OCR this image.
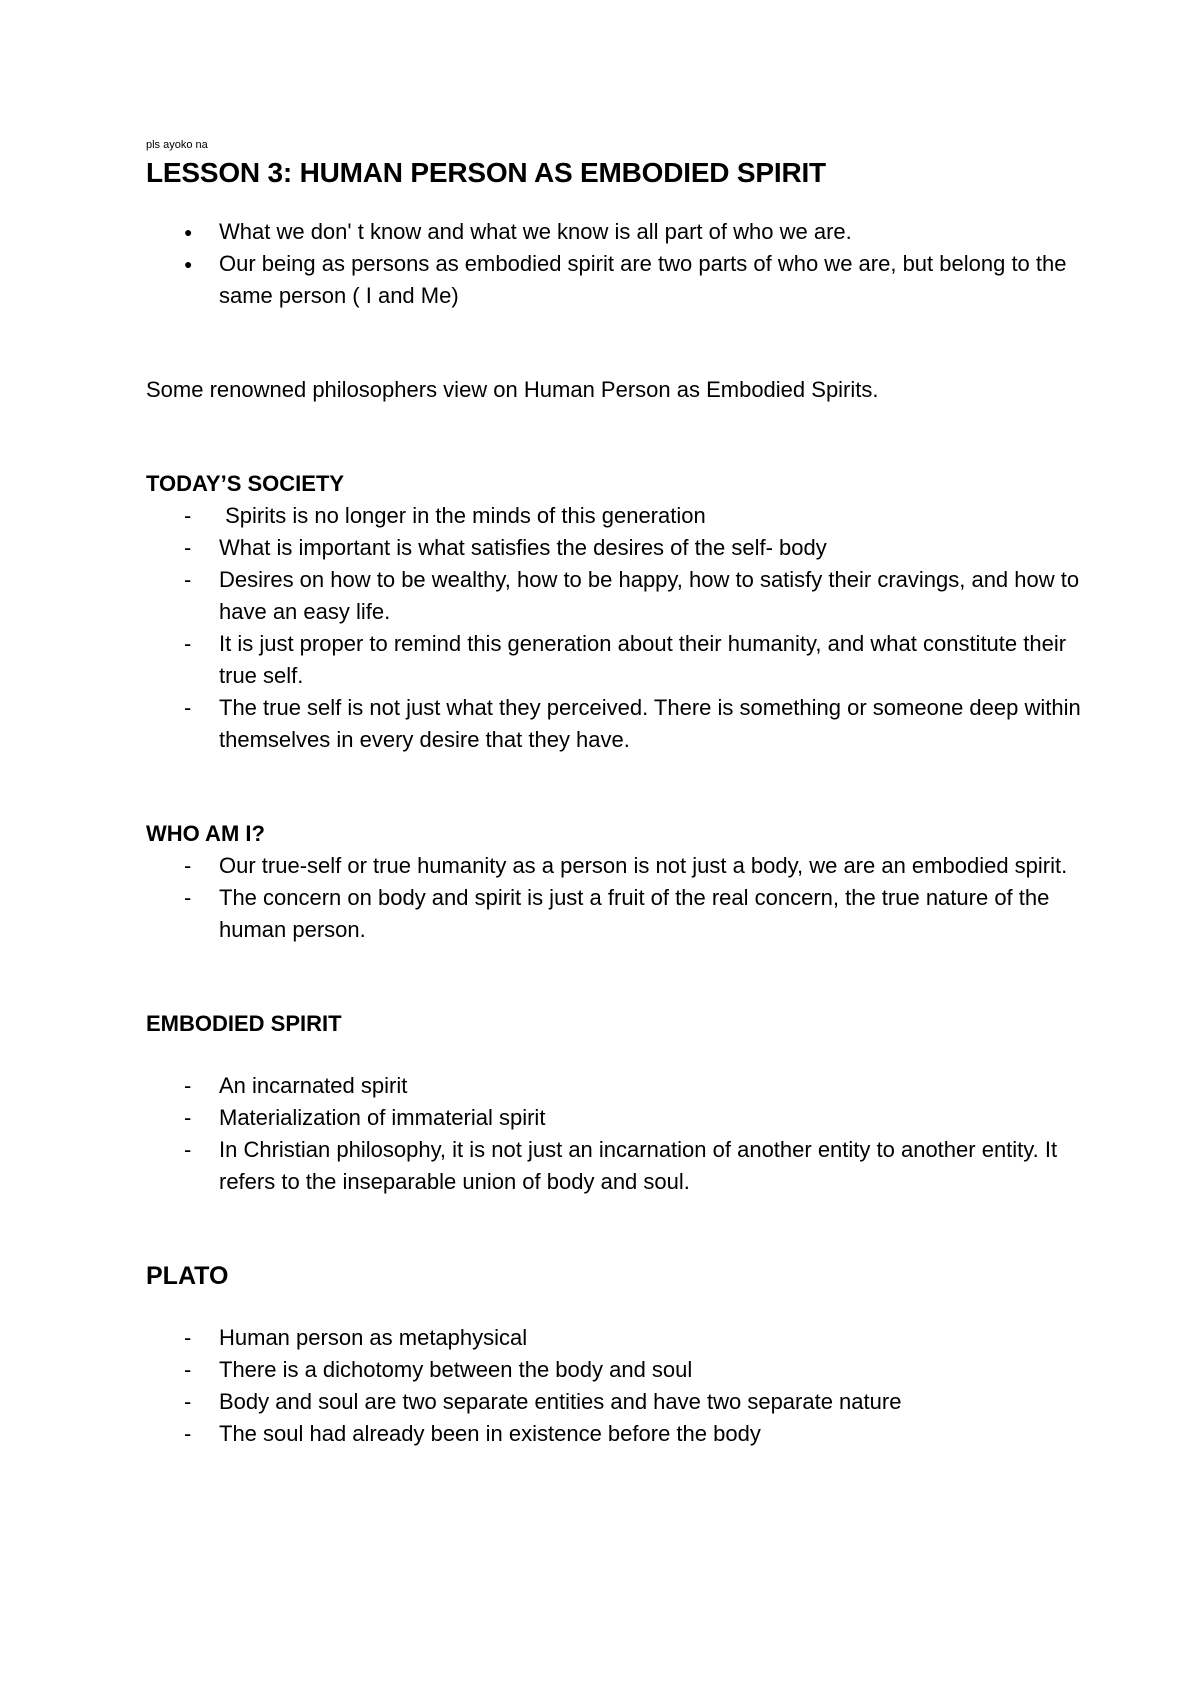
pls ayoko na

LESSON 3: HUMAN PERSON AS EMBODIED SPIRIT
● What we don' t know and what we know is all part of who we are.
● Our being as persons as embodied spirit are two parts of who we are, but belong to the same person ( I and Me)

Some renowned philosophers view on Human Person as Embodied Spirits.

TODAY’S SOCIETY
- Spirits is no longer in the minds of this generation
- What is important is what satisfies the desires of the self- body
- Desires on how to be wealthy, how to be happy, how to satisfy their cravings, and how to have an easy life.
- It is just proper to remind this generation about their humanity, and what constitute their true self.
- The true self is not just what they perceived. There is something or someone deep within themselves in every desire that they have.
WHO AM I?
- Our true-self or true humanity as a person is not just a body, we are an embodied spirit.
- The concern on body and spirit is just a fruit of the real concern, the true nature of the human person.
EMBODIED SPIRIT
- An incarnated spirit
- Materialization of immaterial spirit
- In Christian philosophy, it is not just an incarnation of another entity to another entity. It refers to the inseparable union of body and soul.
PLATO
- Human person as metaphysical
- There is a dichotomy between the body and soul
- Body and soul are two separate entities and have two separate nature
- The soul had already been in existence before the body
